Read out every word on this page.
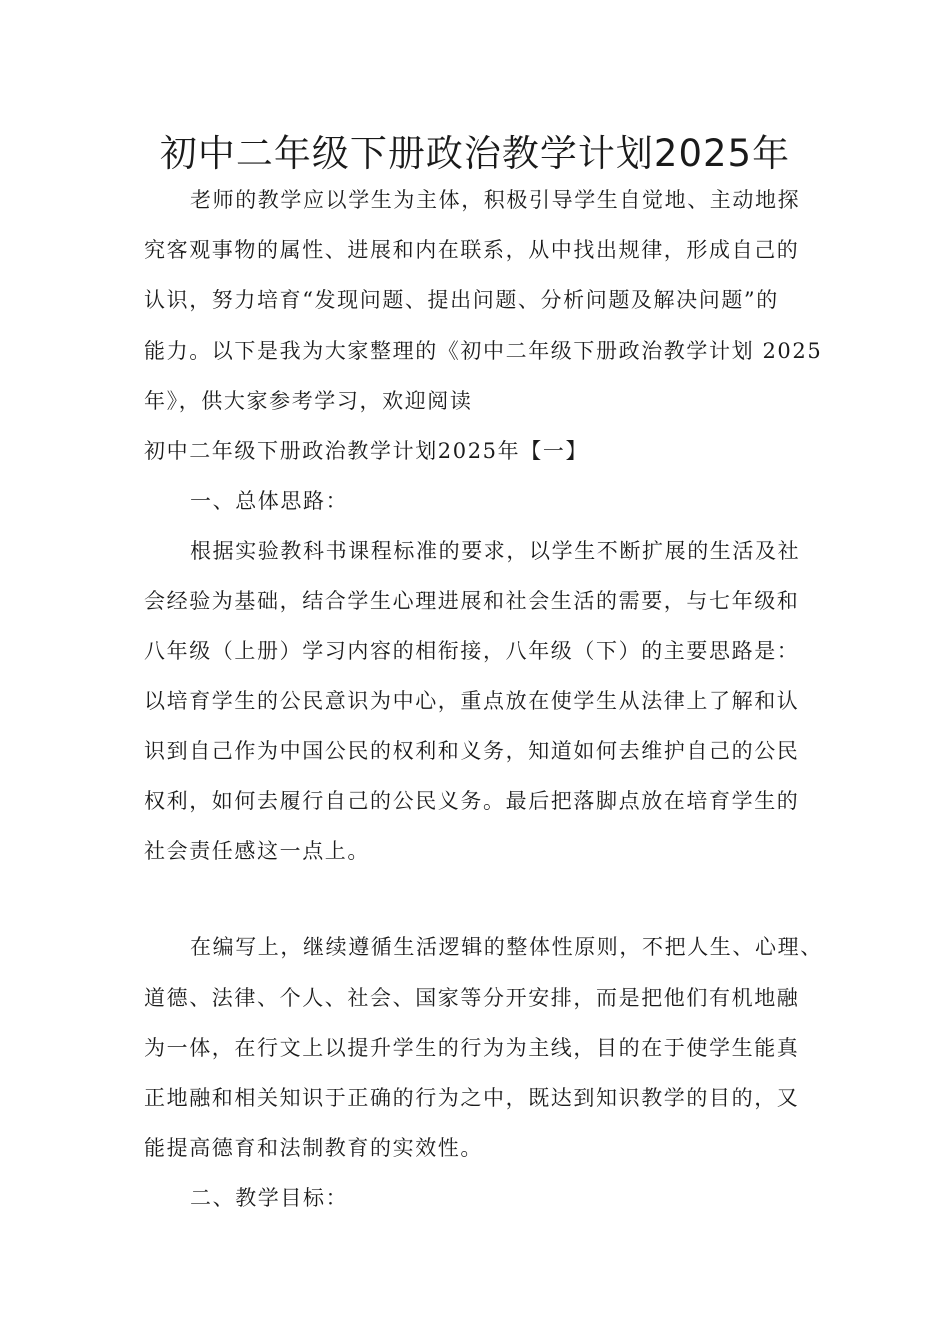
初中二年级下册政治教学计划2025年
老师的教学应以学生为主体，积极引导学生自觉地、主动地探
究客观事物的属性、进展和内在联系，从中找出规律，形成自己的
认识，努力培育“发现问题、提出问题、分析问题及解决问题”的
能力。以下是我为大家整理的《初中二年级下册政治教学计划 2025
年》，供大家参考学习，欢迎阅读
初中二年级下册政治教学计划2025年【一】
一、总体思路：
根据实验教科书课程标准的要求，以学生不断扩展的生活及社
会经验为基础，结合学生心理进展和社会生活的需要，与七年级和
八年级（上册）学习内容的相衔接，八年级（下）的主要思路是：
以培育学生的公民意识为中心，重点放在使学生从法律上了解和认
识到自己作为中国公民的权利和义务，知道如何去维护自己的公民
权利，如何去履行自己的公民义务。最后把落脚点放在培育学生的
社会责任感这一点上。
在编写上，继续遵循生活逻辑的整体性原则，不把人生、心理、
道德、法律、个人、社会、国家等分开安排，而是把他们有机地融
为一体，在行文上以提升学生的行为为主线，目的在于使学生能真
正地融和相关知识于正确的行为之中，既达到知识教学的目的，又
能提高德育和法制教育的实效性。
二、教学目标：
